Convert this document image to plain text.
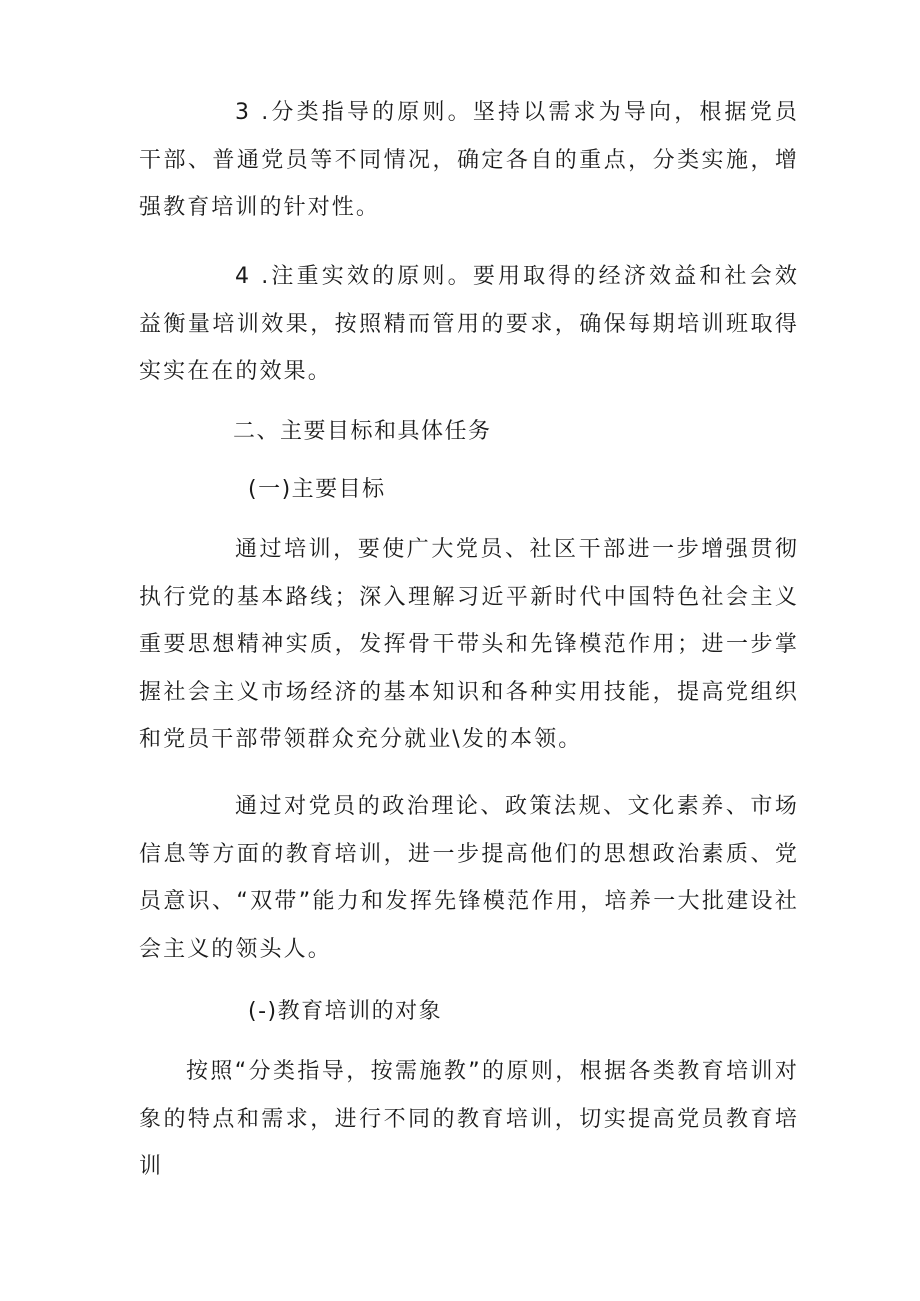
3 .分类指导的原则。坚持以需求为导向，根据党员干部、普通党员等不同情况，确定各自的重点，分类实施，增强教育培训的针对性。

4 .注重实效的原则。要用取得的经济效益和社会效益衡量培训效果，按照精而管用的要求，确保每期培训班取得实实在在的效果。

二、主要目标和具体任务

(一)主要目标

通过培训，要使广大党员、社区干部进一步增强贯彻执行党的基本路线；深入理解习近平新时代中国特色社会主义重要思想精神实质，发挥骨干带头和先锋模范作用；进一步掌握社会主义市场经济的基本知识和各种实用技能，提高党组织和党员干部带领群众充分就业\发的本领。

通过对党员的政治理论、政策法规、文化素养、市场信息等方面的教育培训，进一步提高他们的思想政治素质、党员意识、“双带”能力和发挥先锋模范作用，培养一大批建设社会主义的领头人。

(-)教育培训的对象

按照“分类指导，按需施教”的原则，根据各类教育培训对象的特点和需求，进行不同的教育培训，切实提高党员教育培训
